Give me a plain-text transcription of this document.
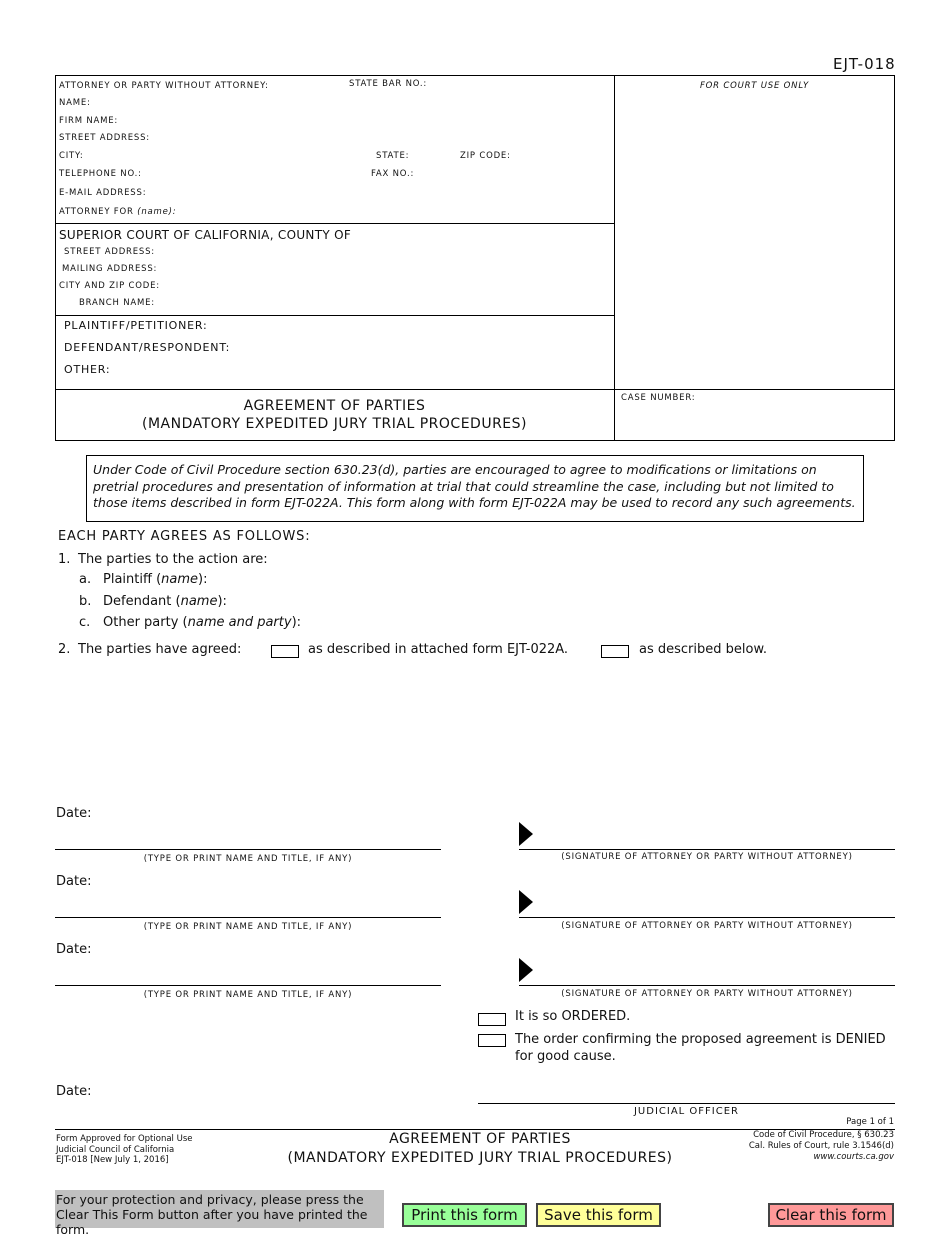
EJT-018
ATTORNEY OR PARTY WITHOUT ATTORNEY:	STATE BAR NO.:
NAME:
FIRM NAME:
STREET ADDRESS:
CITY:	STATE:	ZIP CODE:
TELEPHONE NO.:	FAX NO.:
E-MAIL ADDRESS:
ATTORNEY FOR (name):
FOR COURT USE ONLY
SUPERIOR COURT OF CALIFORNIA, COUNTY OF
STREET ADDRESS:
MAILING ADDRESS:
CITY AND ZIP CODE:
BRANCH NAME:
PLAINTIFF/PETITIONER:
DEFENDANT/RESPONDENT:
OTHER:
AGREEMENT OF PARTIES
(MANDATORY EXPEDITED JURY TRIAL PROCEDURES)
CASE NUMBER:
Under Code of Civil Procedure section 630.23(d), parties are encouraged to agree to modifications or limitations on pretrial procedures and presentation of information at trial that could streamline the case, including but not limited to those items described in form EJT-022A. This form along with form EJT-022A may be used to record any such agreements.
EACH PARTY AGREES AS FOLLOWS:
1. The parties to the action are:
a. Plaintiff (name):
b. Defendant (name):
c. Other party (name and party):
2. The parties have agreed:	as described in attached form EJT-022A.	as described below.
Date:
(TYPE OR PRINT NAME AND TITLE, IF ANY)	(SIGNATURE OF ATTORNEY OR PARTY WITHOUT ATTORNEY)
Date:
(TYPE OR PRINT NAME AND TITLE, IF ANY)	(SIGNATURE OF ATTORNEY OR PARTY WITHOUT ATTORNEY)
Date:
(TYPE OR PRINT NAME AND TITLE, IF ANY)	(SIGNATURE OF ATTORNEY OR PARTY WITHOUT ATTORNEY)
It is so ORDERED.
The order confirming the proposed agreement is DENIED
for good cause.
Date:
JUDICIAL OFFICER
Page 1 of 1
Form Approved for Optional Use
Judicial Council of California
EJT-018 [New July 1, 2016]
AGREEMENT OF PARTIES
(MANDATORY EXPEDITED JURY TRIAL PROCEDURES)
Code of Civil Procedure, § 630.23
Cal. Rules of Court, rule 3.1546(d)
www.courts.ca.gov
For your protection and privacy, please press the Clear This Form button after you have printed the form.
Print this form	Save this form	Clear this form
